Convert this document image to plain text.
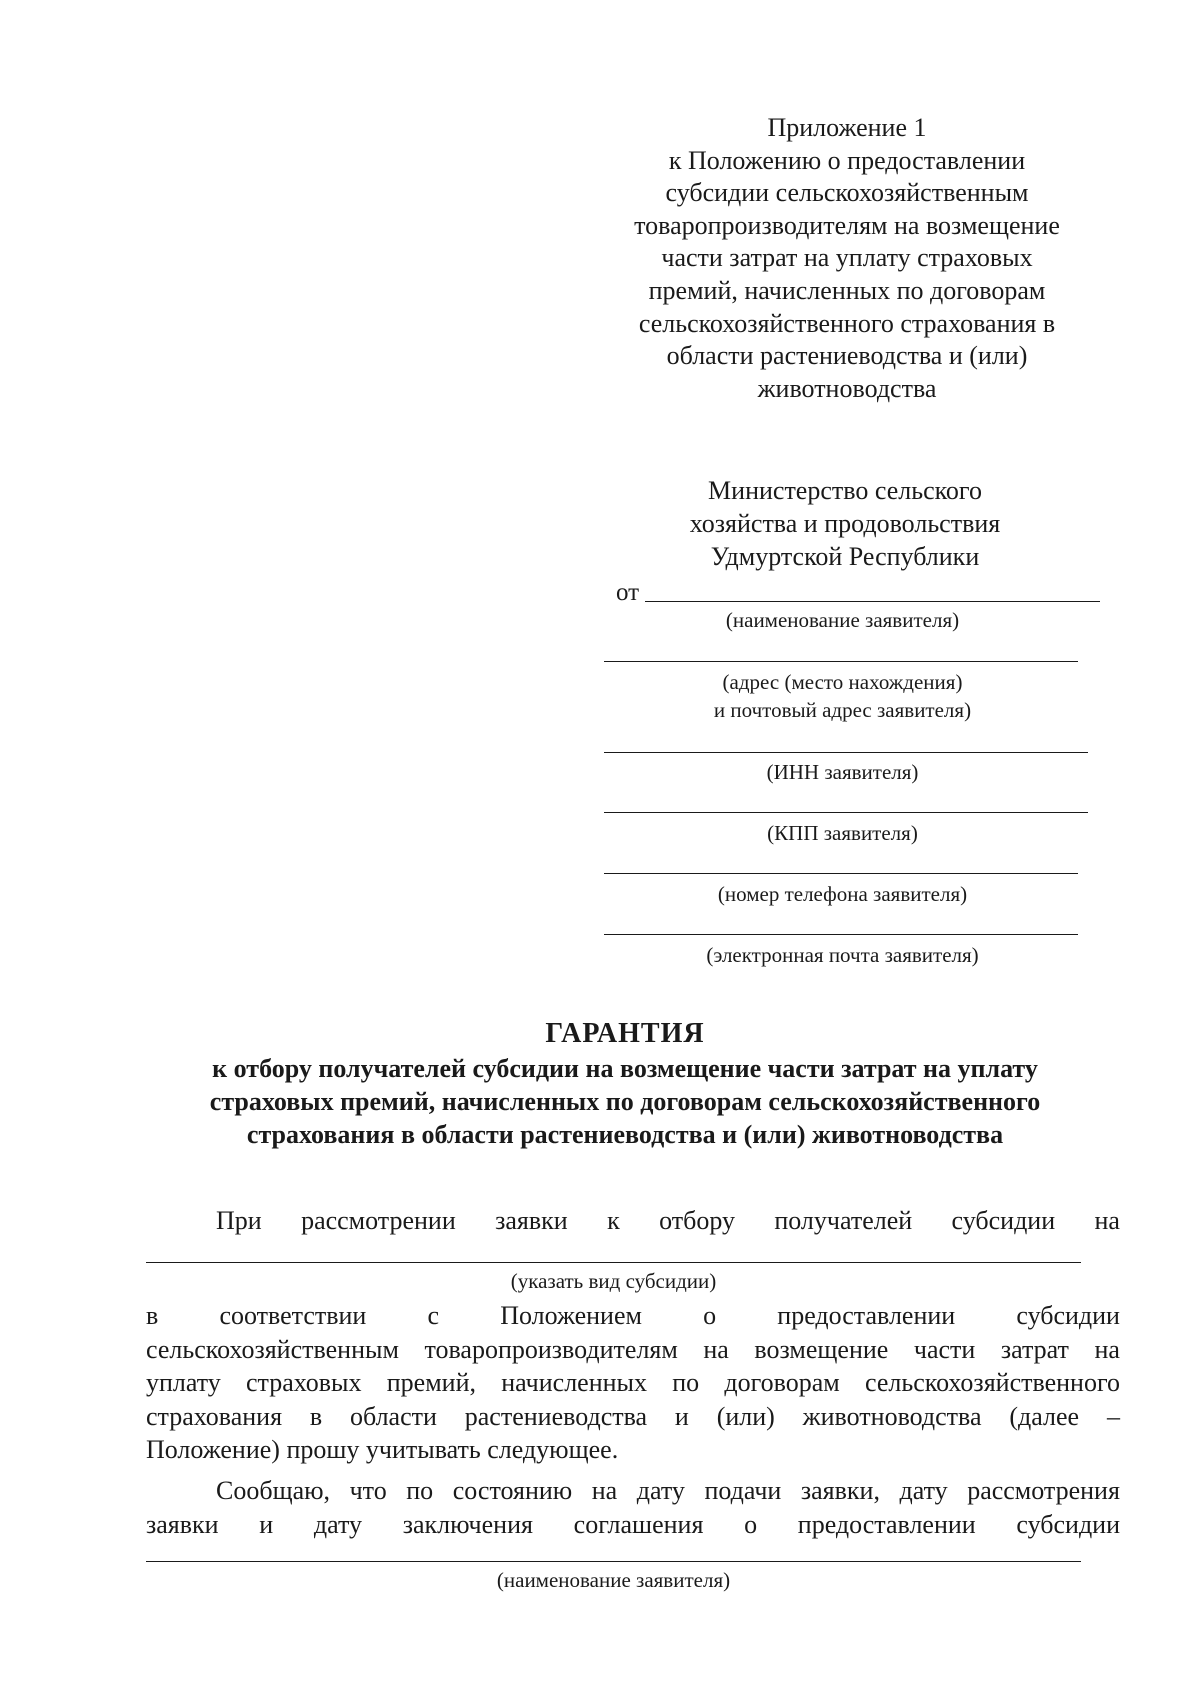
Приложение 1
к Положению о предоставлении
субсидии сельскохозяйственным
товаропроизводителям на возмещение
части затрат на уплату страховых
премий, начисленных по договорам
сельскохозяйственного страхования в
области растениеводства и (или)
животноводства
Министерство сельского
хозяйства и продовольствия
Удмуртской Республики
от
(наименование заявителя)
(адрес (место нахождения)
и почтовый адрес заявителя)
(ИНН заявителя)
(КПП заявителя)
(номер телефона заявителя)
(электронная почта заявителя)
ГАРАНТИЯ
к отбору получателей субсидии на возмещение части затрат на уплату
страховых премий, начисленных по договорам сельскохозяйственного
страхования в области растениеводства и (или) животноводства
При рассмотрении заявки к отбору получателей субсидии на
(указать вид субсидии)
в соответствии с Положением о предоставлении субсидии
сельскохозяйственным товаропроизводителям на возмещение части затрат на
уплату страховых премий, начисленных по договорам сельскохозяйственного
страхования в области растениеводства и (или) животноводства (далее –
Положение) прошу учитывать следующее.
Сообщаю, что по состоянию на дату подачи заявки, дату рассмотрения
заявки и дату заключения соглашения о предоставлении субсидии
(наименование заявителя)
